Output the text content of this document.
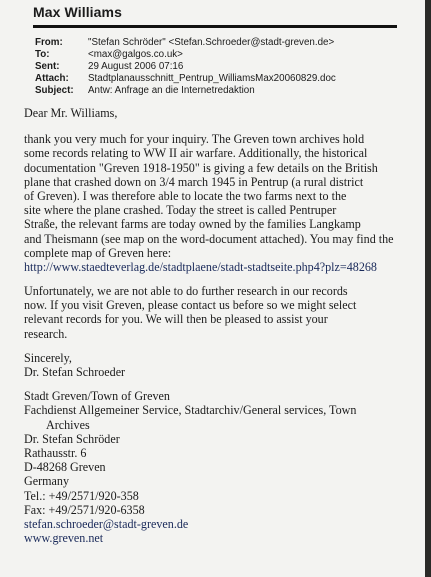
Max Williams
From:	"Stefan Schröder" <Stefan.Schroeder@stadt-greven.de>
To:	<max@galgos.co.uk>
Sent:	29 August 2006 07:16
Attach:	Stadtplanausschnitt_Pentrup_WilliamsMax20060829.doc
Subject:	Antw: Anfrage an die Internetredaktion
Dear Mr. Williams,
thank you very much for your inquiry. The Greven town archives hold
some records relating to WW II air warfare. Additionally, the historical
documentation "Greven 1918-1950" is giving a few details on the British
plane that crashed down on 3/4 march 1945 in Pentrup (a rural district
of Greven). I was therefore able to locate the two farms next to the
site where the plane crashed. Today the street is called Pentruper
Straße, the relevant farms are today owned by the families Langkamp
and Theismann (see map on the word-document attached). You may find the
complete map of Greven here:
http://www.staedteverlag.de/stadtplaene/stadt-stadtseite.php4?plz=48268
Unfortunately, we are not able to do further research in our records
now. If you visit Greven, please contact us before so we might select
relevant records for you. We will then be pleased to assist your
research.
Sincerely,
Dr. Stefan Schroeder
Stadt Greven/Town of Greven
Fachdienst Allgemeiner Service, Stadtarchiv/General services, Town
Archives
Dr. Stefan Schröder
Rathausstr. 6
D-48268 Greven
Germany
Tel.: +49/2571/920-358
Fax: +49/2571/920-6358
stefan.schroeder@stadt-greven.de
www.greven.net
